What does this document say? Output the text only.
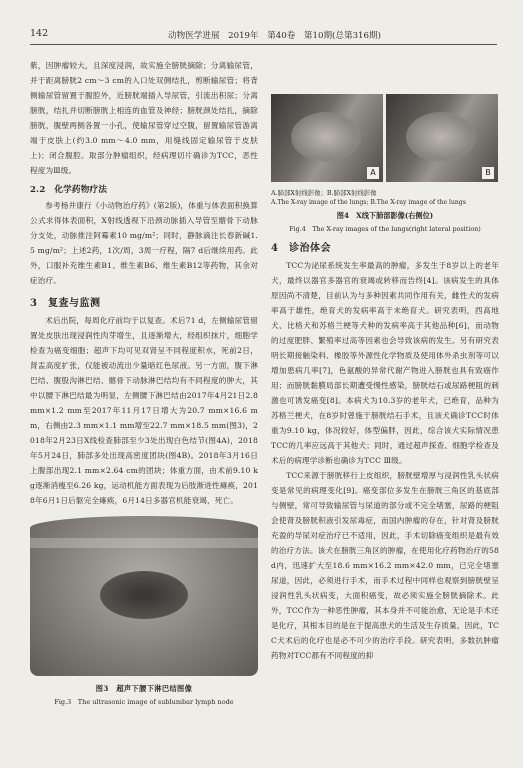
142	动物医学进展　2019年　第40卷　第10期(总第316期)

紫，因肿瘤较大，且深度浸润，故实施全膀胱摘除；分离输尿管，并于距离膀胱2 cm～3 cm的入口处双侧结扎，剪断输尿管；将背侧输尿管留置于腹腔外，近膀胱端插入导尿管，引流出积尿；分离膀胱，结扎并切断膀胱上相连的血管及神经；膀胱颈处结扎，摘除膀胱，腹壁两侧各置一小孔，使输尿管穿过空腹，留置输尿管游离端于皮肤上(约3.0 mm～4.0 mm，用缝线固定输尿管于皮肤上)；闭合腹腔。取部分肿瘤组织，经病理切片确诊为TCC，恶性程度为Ⅲ级。

2.2　化学药物疗法

参考杨井康行《小动物治疗药》(第2版)，体重与体表面积换算公式求得体表面积，X射线透视下沿颈动脉插入导管至髂骨下动脉分支处，动脉推注阿霉素10 mg/m²；同时，静脉滴注长春新碱1.5 mg/m²；上述2药，1次/周，3周一疗程，隔7 d后继续用药。此外，口服补充维生素B1、维生素B6、维生素B12等药物，其余对症治疗。

3　复查与监测

术后出院，每周化疗前均于以复查。术后71 d，左侧输尿管留置处皮肤出现浸润性肉芽增生，且逐渐增大，经组织抹片，细胞学检查为癌变细胞；超声下均可见双肾呈不同程度积水，死前2日，肾盂高度扩张，仅能被动流出少量暗红色尿液。另一方面，腹下淋巴结、腹股沟淋巴结、髂骨下动脉淋巴结均有不同程度的肿大，其中以腰下淋巴结最为明显，左侧腰下淋巴结由2017年4月21日2.8 mm×1.2 mm至2017年11月17日增大为20.7 mm×16.6 mm，右侧由2.3 mm×1.1 mm增至22.7 mm×18.5 mm(图3)，2018年2月23日X线检查肺部至少3处出现白色结节(图4A)，2018年5月24日，肺部多处出现高密度团块(图4B)。2018年3月16日上腹部出现2.1 mm×2.64 cm的团块；体重方面，由术前9.10 kg逐渐消瘦至6.26 kg，运动机能方面表现为后肢渐进性瘫痪，2018年6月1日后躯完全瘫痪，6月14日多器官机能衰竭，死亡。

图3　超声下腰下淋巴结图像
Fig.3　The ultrasonic image of sublumbar lymph node
A	B
A.肺部X射线影像；B.肺部X射线影像
A.The X-ray image of the lungs; B.The X-ray image of the lungs
图4　X线下肺部影像(右侧位)
Fig.4　The X-ray images of the lungs(right lateral position)
4　诊治体会

TCC为泌尿系统发生率最高的肿瘤，多发生于8岁以上的老年犬，最终以器官多器官的衰竭或转移而告终[4]。该病发生的具体原因尚不清楚，目前认为与多种因素共同作用有关，雌性犬的发病率高于雄性，绝育犬的发病率高于未绝育犬。研究表明，西高地犬、比格犬和苏格兰梗等犬种的发病率高于其他品种[6]，而动物的过度肥胖、繁殖率过高等因素也会导致该病的发生。另有研究表明长期接触染料、橡胶等外源性化学物质及使用体外杀虫剂等可以增加患病几率[7]，色氨酸的异常代谢产物进入膀胱也具有致癌作用；而膀胱黏膜局部长期遭受慢性感染，膀胱结石或尿路梗阻的刺激也可诱发癌变[8]。本病犬为10.3岁的老年犬，已绝育，品种为苏格兰梗犬，在8岁时曾施于膀胱结石手术，且该犬确诊TCC时体重为9.10 kg，体况较好，体型偏胖，因此，综合该犬实际情况患TCC的几率应远高于其他犬；同时，通过超声探查、细胞学检查及术后的病理学诊断也确诊为TCC Ⅲ级。

TCC来源于膀胱移行上皮组织，膀胱壁增厚与浸润性乳头状病变是常见的病理变化[9]。癌变部位多发生在膀胱三角区的基底部与侧壁，常可导致输尿管与尿道的部分或不完全堵塞，尿路的梗阻会使肾及膀胱积液引发尿毒症，而国内肿瘤的存在，针对肾及膀胱充盈的导尿对症治疗已不适用，因此，手术切除癌变组织是最有效的治疗方法。该犬在膀胱三角区的肿瘤，在使用化疗药物治疗的58 d内，迅速扩大至18.6 mm×16.2 mm×42.0 mm，已完全堵塞尿道，因此，必须进行手术，而手术过程中同样也观察到膀胱壁呈浸润性乳头状病变，大面积癌变，故必须实施全膀胱摘除术。此外，TCC作为一种恶性肿瘤，其本身并不可能治愈，无论是手术还是化疗，其根本目的是在于提高患犬的生活及生存质量，因此，TCC犬术后的化疗也是必不可少的治疗手段。研究表明，多数抗肿瘤药物对TCC都有不同程度的抑
